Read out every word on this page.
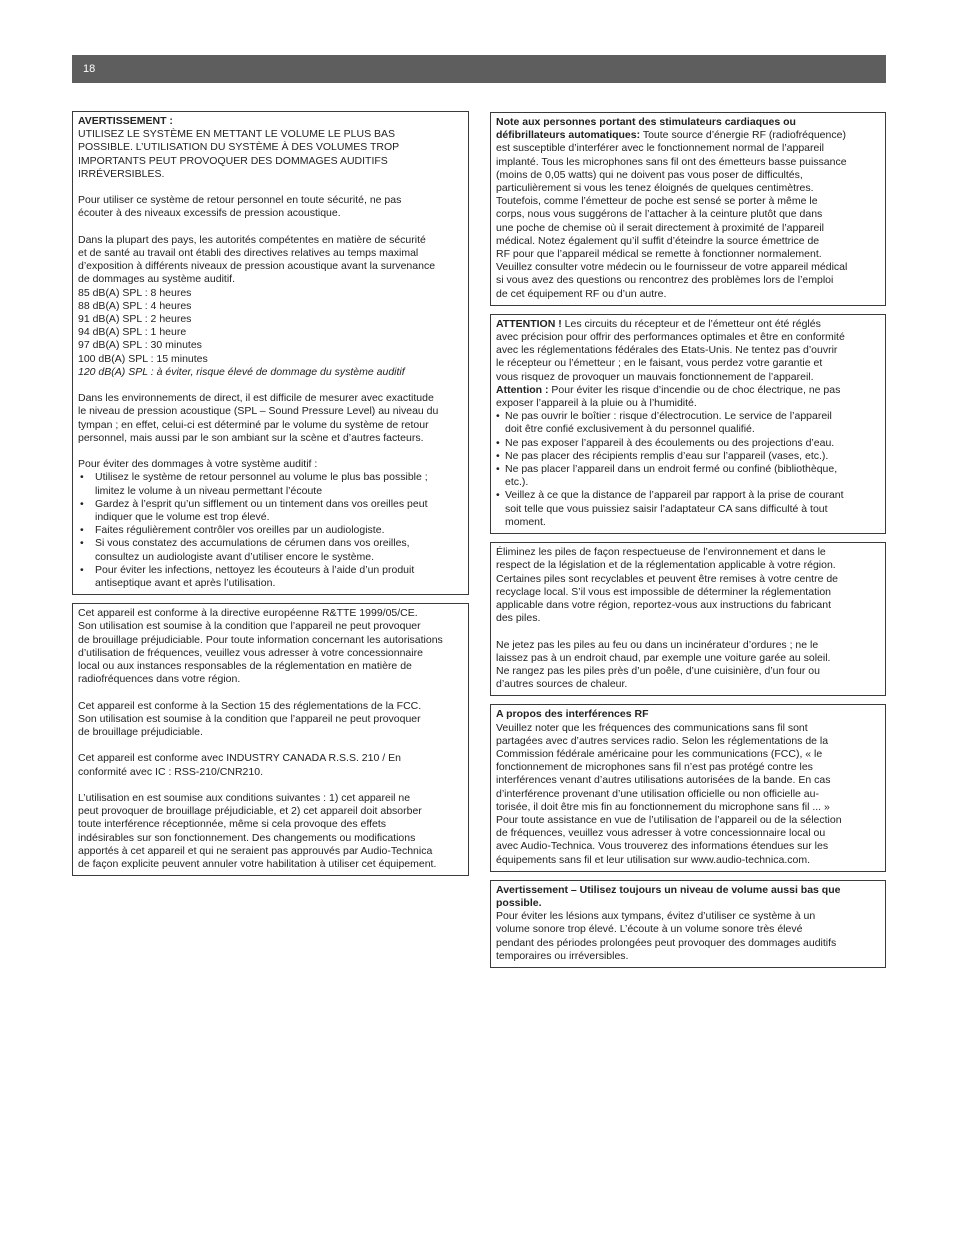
18
AVERTISSEMENT :
UTILISEZ LE SYSTÈME EN METTANT LE VOLUME LE PLUS BAS
POSSIBLE. L’UTILISATION DU SYSTÈME À DES VOLUMES TROP
IMPORTANTS PEUT PROVOQUER DES DOMMAGES AUDITIFS
IRRÉVERSIBLES.
Pour utiliser ce système de retour personnel en toute sécurité, ne pas
écouter à des niveaux excessifs de pression acoustique.
Dans la plupart des pays, les autorités compétentes en matière de sécurité
et de santé au travail ont établi des directives relatives au temps maximal
d’exposition à différents niveaux de pression acoustique avant la survenance
de dommages au système auditif.
85 dB(A) SPL : 8 heures
88 dB(A) SPL : 4 heures
91 dB(A) SPL : 2 heures
94 dB(A) SPL : 1 heure
97 dB(A) SPL : 30 minutes
100 dB(A) SPL : 15 minutes
120 dB(A) SPL : à éviter, risque élevé de dommage du système auditif
Dans les environnements de direct, il est difficile de mesurer avec exactitude
le niveau de pression acoustique (SPL – Sound Pressure Level) au niveau du
tympan ; en effet, celui-ci est déterminé par le volume du système de retour
personnel, mais aussi par le son ambiant sur la scène et d’autres facteurs.
Pour éviter des dommages à votre système auditif :
• Utilisez le système de retour personnel au volume le plus bas possible ;
limitez le volume à un niveau permettant l’écoute
• Gardez à l’esprit qu’un sifflement ou un tintement dans vos oreilles peut
indiquer que le volume est trop élevé.
• Faites régulièrement contrôler vos oreilles par un audiologiste.
• Si vous constatez des accumulations de cérumen dans vos oreilles,
consultez un audiologiste avant d’utiliser encore le système.
• Pour éviter les infections, nettoyez les écouteurs à l’aide d’un produit
antiseptique avant et après l’utilisation.
Cet appareil est conforme à la directive européenne R&TTE 1999/05/CE.
Son utilisation est soumise à la condition que l’appareil ne peut provoquer
de brouillage préjudiciable. Pour toute information concernant les autorisations
d’utilisation de fréquences, veuillez vous adresser à votre concessionnaire
local ou aux instances responsables de la réglementation en matière de
radiofréquences dans votre région.
Cet appareil est conforme à la Section 15 des réglementations de la FCC.
Son utilisation est soumise à la condition que l’appareil ne peut provoquer
de brouillage préjudiciable.
Cet appareil est conforme avec INDUSTRY CANADA R.S.S. 210 / En
conformité avec IC : RSS-210/CNR210.
L’utilisation en est soumise aux conditions suivantes : 1) cet appareil ne
peut provoquer de brouillage préjudiciable, et 2) cet appareil doit absorber
toute interférence réceptionnée, même si cela provoque des effets
indésirables sur son fonctionnement. Des changements ou modifications
apportés à cet appareil et qui ne seraient pas approuvés par Audio-Technica
de façon explicite peuvent annuler votre habilitation à utiliser cet équipement.
Note aux personnes portant des stimulateurs cardiaques ou
défibrillateurs automatiques: Toute source d’énergie RF (radiofréquence)
est susceptible d’interférer avec le fonctionnement normal de l’appareil
implanté. Tous les microphones sans fil ont des émetteurs basse puissance
(moins de 0,05 watts) qui ne doivent pas vous poser de difficultés,
particulièrement si vous les tenez éloignés de quelques centimètres.
Toutefois, comme l’émetteur de poche est sensé se porter à même le
corps, nous vous suggérons de l’attacher à la ceinture plutôt que dans
une poche de chemise où il serait directement à proximité de l’appareil
médical. Notez également qu’il suffit d’éteindre la source émettrice de
RF pour que l’appareil médical se remette à fonctionner normalement.
Veuillez consulter votre médecin ou le fournisseur de votre appareil médical
si vous avez des questions ou rencontrez des problèmes lors de l’emploi
de cet équipement RF ou d’un autre.
ATTENTION ! Les circuits du récepteur et de l’émetteur ont été réglés
avec précision pour offrir des performances optimales et être en conformité
avec les réglementations fédérales des Etats-Unis. Ne tentez pas d’ouvrir
le récepteur ou l’émetteur ; en le faisant, vous perdez votre garantie et
vous risquez de provoquer un mauvais fonctionnement de l’appareil.
Attention : Pour éviter les risque d’incendie ou de choc électrique, ne pas
exposer l’appareil à la pluie ou à l’humidité.
• Ne pas ouvrir le boîtier : risque d’électrocution. Le service de l’appareil
doit être confié exclusivement à du personnel qualifié.
• Ne pas exposer l’appareil à des écoulements ou des projections d’eau.
• Ne pas placer des récipients remplis d’eau sur l’appareil (vases, etc.).
• Ne pas placer l’appareil dans un endroit fermé ou confiné (bibliothèque,
etc.).
• Veillez à ce que la distance de l’appareil par rapport à la prise de courant
soit telle que vous puissiez saisir l’adaptateur CA sans difficulté à tout
moment.
Éliminez les piles de façon respectueuse de l’environnement et dans le
respect de la législation et de la réglementation applicable à votre région.
Certaines piles sont recyclables et peuvent être remises à votre centre de
recyclage local. S’il vous est impossible de déterminer la réglementation
applicable dans votre région, reportez-vous aux instructions du fabricant
des piles.
Ne jetez pas les piles au feu ou dans un incinérateur d’ordures ; ne le
laissez pas à un endroit chaud, par exemple une voiture garée au soleil.
Ne rangez pas les piles près d’un poêle, d’une cuisinière, d’un four ou
d’autres sources de chaleur.
A propos des interférences RF
Veuillez noter que les fréquences des communications sans fil sont
partagées avec d’autres services radio. Selon les réglementations de la
Commission fédérale américaine pour les communications (FCC), « le
fonctionnement de microphones sans fil n’est pas protégé contre les
interférences venant d’autres utilisations autorisées de la bande. En cas
d’interférence provenant d’une utilisation officielle ou non officielle au-
torisée, il doit être mis fin au fonctionnement du microphone sans fil ... »
Pour toute assistance en vue de l’utilisation de l’appareil ou de la sélection
de fréquences, veuillez vous adresser à votre concessionnaire local ou
avec Audio-Technica. Vous trouverez des informations étendues sur les
équipements sans fil et leur utilisation sur www.audio-technica.com.
Avertissement – Utilisez toujours un niveau de volume aussi bas que
possible.
Pour éviter les lésions aux tympans, évitez d’utiliser ce système à un
volume sonore trop élevé. L’écoute à un volume sonore très élevé
pendant des périodes prolongées peut provoquer des dommages auditifs
temporaires ou irréversibles.
